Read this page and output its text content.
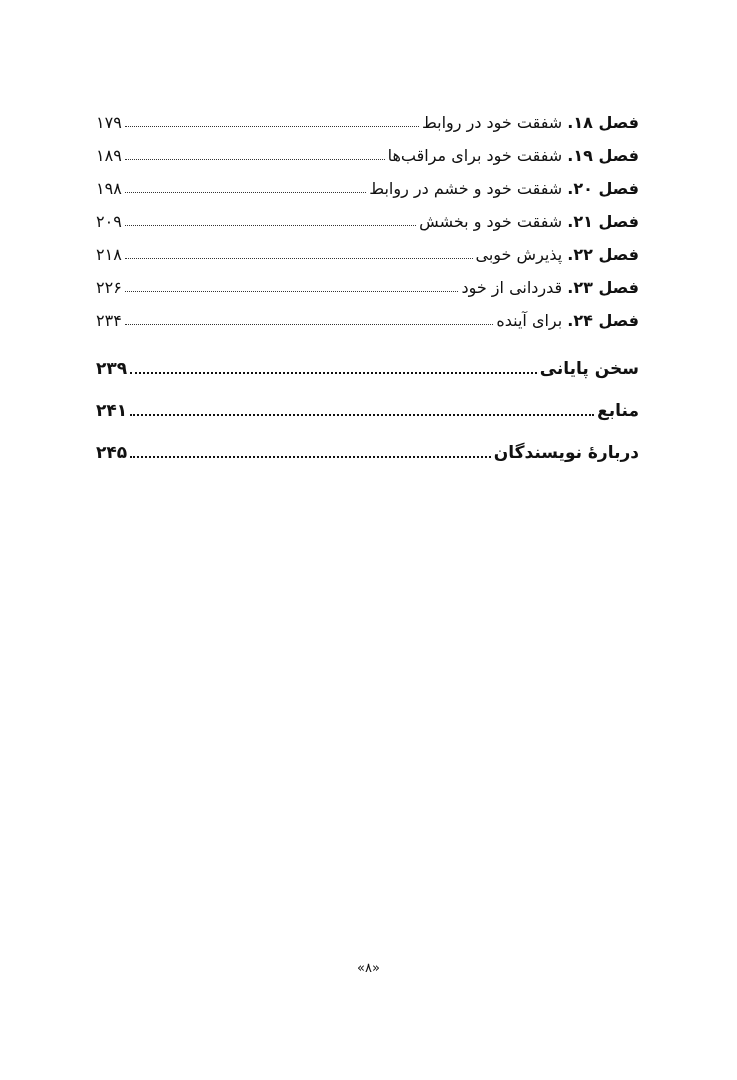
فصل ۱۸. شفقت خود در روابط
۱۷۹
فصل ۱۹. شفقت خود برای مراقب‌ها
۱۸۹
فصل ۲۰. شفقت خود و خشم در روابط
۱۹۸
فصل ۲۱. شفقت خود و بخشش
۲۰۹
فصل ۲۲. پذیرش خوبی
۲۱۸
فصل ۲۳. قدردانی از خود
۲۲۶
فصل ۲۴. برای آینده
۲۳۴
سخن پایانی
۲۳۹
منابع
۲۴۱
دربارهٔ نویسندگان
۲۴۵
«۸»
